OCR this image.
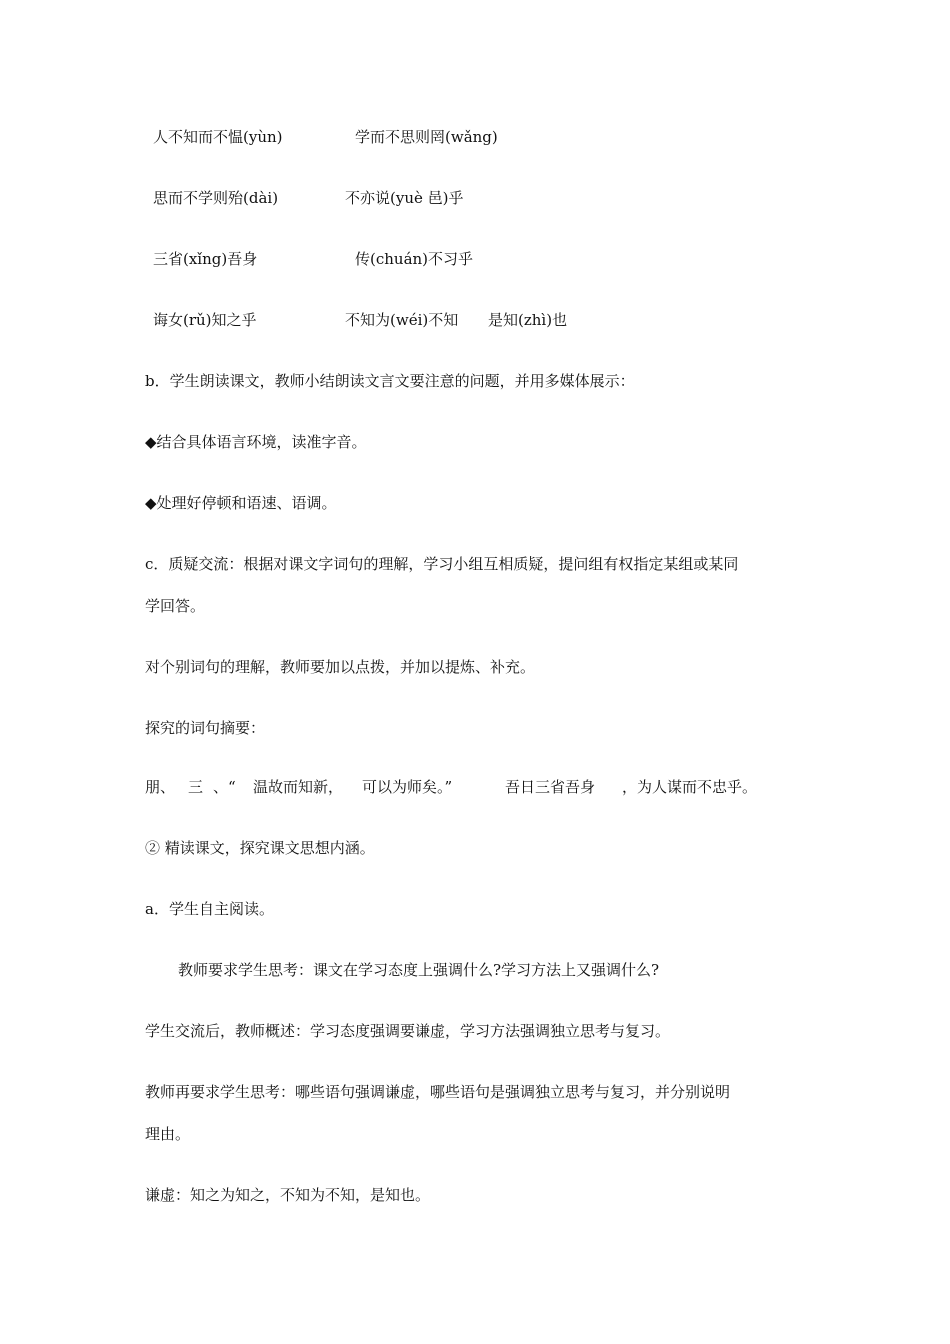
人不知而不愠(yùn)	学而不思则罔(wǎng)
思而不学则殆(dài)	不亦说(yuè 邑)乎
三省(xǐng)吾身	传(chuán)不习乎
诲女(rǔ)知之乎	不知为(wéi)不知 是知(zhì)也
b．学生朗读课文，教师小结朗读文言文要注意的问题，并用多媒体展示：
◆结合具体语言环境，读准字音。
◆处理好停顿和语速、语调。
c．质疑交流：根据对课文字词句的理解，学习小组互相质疑，提问组有权指定某组或某同
学回答。
对个别词句的理解，教师要加以点拨，并加以提炼、补充。
探究的词句摘要：
朋、 三 、“ 温故而知新， 可以为师矣。”	吾日三省吾身 ，为人谋而不忠乎。
② 精读课文，探究课文思想内涵。
a．学生自主阅读。
教师要求学生思考：课文在学习态度上强调什么?学习方法上又强调什么?
学生交流后，教师概述：学习态度强调要谦虚，学习方法强调独立思考与复习。
教师再要求学生思考：哪些语句强调谦虚，哪些语句是强调独立思考与复习，并分别说明
理由。
谦虚：知之为知之，不知为不知，是知也。
